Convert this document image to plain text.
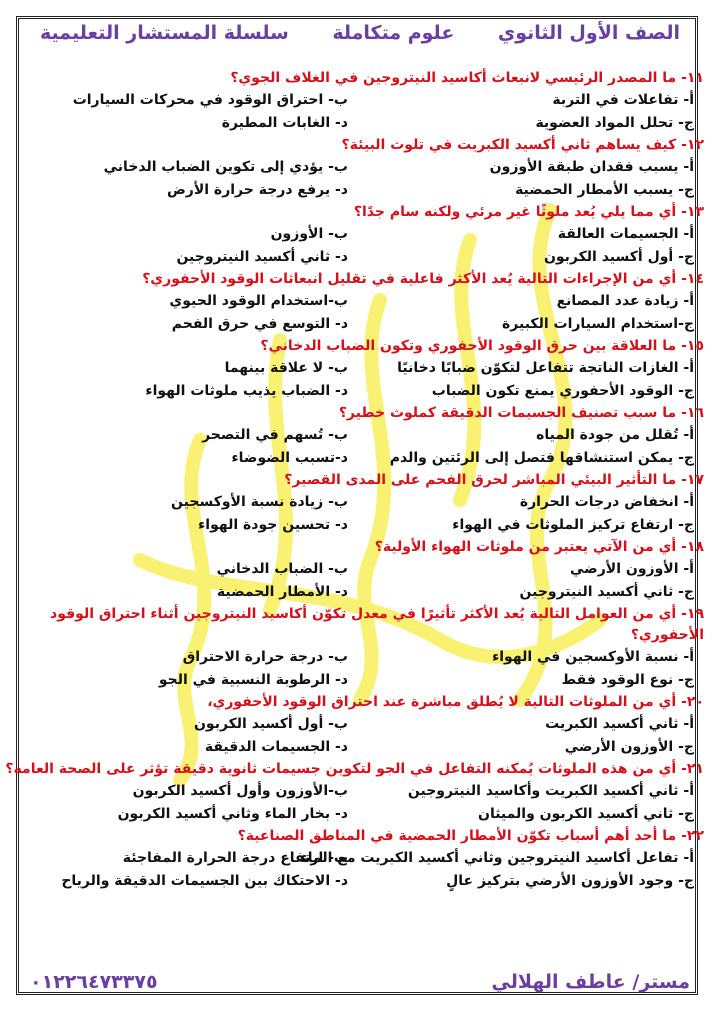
سلسلة المستشار التعليمية علوم متكاملة الصف الأول الثانوي
١١- ما المصدر الرئيسي لانبعاث أكاسيد النيتروجين في الغلاف الجوي؟
أ- تفاعلات في التربة
ب- احتراق الوقود في محركات السيارات
ج- تحلل المواد العضوية
د- الغابات المطيرة
١٢- كيف يساهم ثاني أكسيد الكبريت في تلوث البيئة؟
أ- يسبب فقدان طبقة الأوزون
ب- يؤدي إلى تكوين الضباب الدخاني
ج- يسبب الأمطار الحمضية
د- يرفع درجة حرارة الأرض
١٣- أي مما يلي يُعد ملوثًا غير مرئي ولكنه سام جدًا؟
أ- الجسيمات العالقة
ب- الأوزون
ج- أول أكسيد الكربون
د- ثاني أكسيد النيتروجين
١٤- أي من الإجراءات التالية يُعد الأكثر فاعلية في تقليل انبعاثات الوقود الأحفوري؟
أ- زيادة عدد المصانع
ب-استخدام الوقود الحيوي
ج-استخدام السيارات الكبيرة
د- التوسع في حرق الفحم
١٥- ما العلاقة بين حرق الوقود الأحفوري وتكون الضباب الدخاني؟
أ- الغازات الناتجة تتفاعل لتكوّن ضبابًا دخانيًا
ب- لا علاقة بينهما
ج- الوقود الأحفوري يمنع تكون الضباب
د- الضباب يذيب ملوثات الهواء
١٦- ما سبب تصنيف الجسيمات الدقيقة كملوث خطير؟
أ- تُقلل من جودة المياه
ب- تُسهم في التصحر
ج- يمكن استنشاقها فتصل إلى الرئتين والدم
د-تسبب الضوضاء
١٧- ما التأثير البيئي المباشر لحرق الفحم على المدى القصير؟
أ- انخفاض درجات الحرارة
ب- زيادة نسبة الأوكسجين
ج- ارتفاع تركيز الملوثات في الهواء
د- تحسين جودة الهواء
١٨- أي من الآتي يعتبر من ملوثات الهواء الأولية؟
أ- الأوزون الأرضي
ب- الضباب الدخاني
ج- ثاني أكسيد النيتروجين
د- الأمطار الحمضية
١٩- أي من العوامل التالية يُعد الأكثر تأثيرًا في معدل تكوّن أكاسيد النيتروجين أثناء احتراق الوقود الأحفوري؟
أ- نسبة الأوكسجين في الهواء
ب- درجة حرارة الاحتراق
ج- نوع الوقود فقط
د- الرطوبة النسبية في الجو
٢٠- أي من الملوثات التالية لا يُطلق مباشرة عند احتراق الوقود الأحفوري،
أ- ثاني أكسيد الكبريت
ب- أول أكسيد الكربون
ج- الأوزون الأرضي
د- الجسيمات الدقيقة
٢١- أي من هذه الملوثات يُمكنه التفاعل في الجو لتكوين جسيمات ثانوية دقيقة تؤثر على الصحة العامة؟
أ- ثاني أكسيد الكبريت وأكاسيد النيتروجين
ب-الأوزون وأول أكسيد الكربون
ج- ثاني أكسيد الكربون والميثان
د- بخار الماء وثاني أكسيد الكربون
٢٢- ما أحد أهم أسباب تكوّن الأمطار الحمضية في المناطق الصناعية؟
أ- تفاعل أكاسيد النيتروجين وثاني أكسيد الكبريت مع الماء
ب- ارتفاع درجة الحرارة المفاجئة
ج- وجود الأوزون الأرضي بتركيز عالٍ
د- الاحتكاك بين الجسيمات الدقيقة والرياح
٠١٢٢٦٤٧٣٣٧٥	مستر/ عاطف الهلالي
